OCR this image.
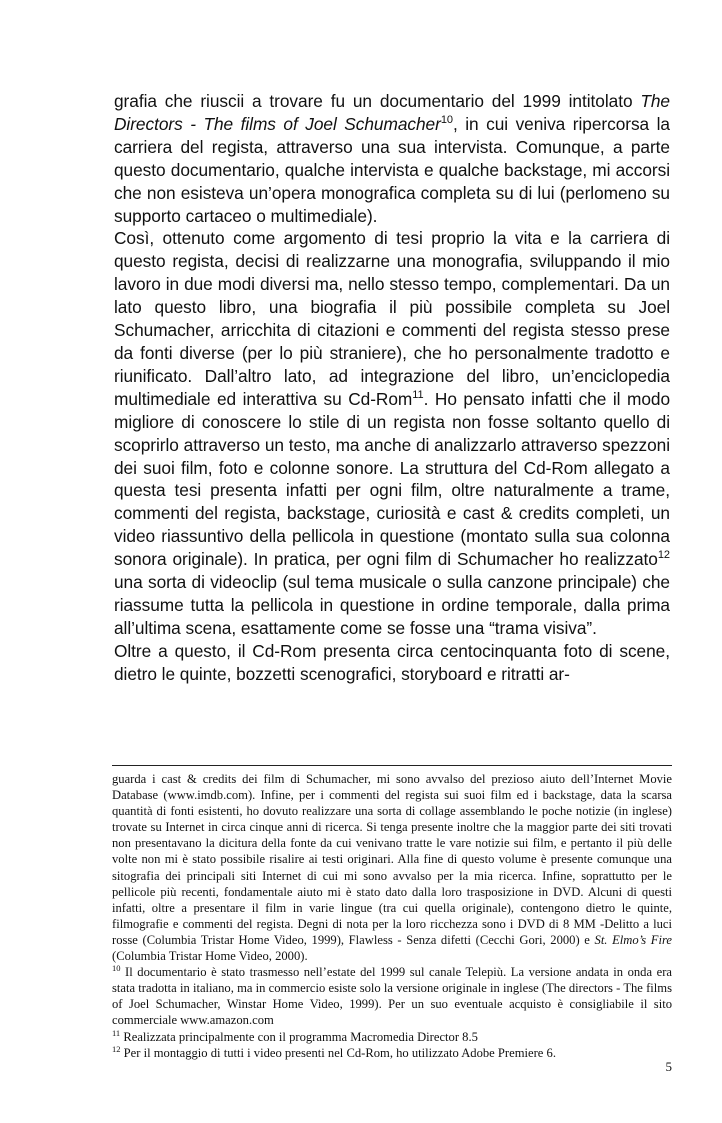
grafia che riuscii a trovare fu un documentario del 1999 intitolato The Directors - The films of Joel Schumacher$^{10}$, in cui veniva ripercorsa la carriera del regista, attraverso una sua intervista. Comunque, a parte questo documentario, qualche intervista e qualche backstage, mi accorsi che non esisteva un’opera monografica completa su di lui (perlomeno su supporto cartaceo o multimediale).

Così, ottenuto come argomento di tesi proprio la vita e la carriera di questo regista, decisi di realizzarne una monografia, sviluppando il mio lavoro in due modi diversi ma, nello stesso tempo, complementari. Da un lato questo libro, una biografia il più possibile completa su Joel Schumacher, arricchita di citazioni e commenti del regista stesso prese da fonti diverse (per lo più straniere), che ho personalmente tradotto e riunificato. Dall’altro lato, ad integrazione del libro, un’enciclopedia multimediale ed interattiva su Cd-Rom$^{11}$. Ho pensato infatti che il modo migliore di conoscere lo stile di un regista non fosse soltanto quello di scoprirlo attraverso un testo, ma anche di analizzarlo attraverso spezzoni dei suoi film, foto e colonne sonore. La struttura del Cd-Rom allegato a questa tesi presenta infatti per ogni film, oltre naturalmente a trame, commenti del regista, backstage, curiosità e cast & credits completi, un video riassuntivo della pellicola in questione (montato sulla sua colonna sonora originale). In pratica, per ogni film di Schumacher ho realizzato$^{12}$ una sorta di videoclip (sul tema musicale o sulla canzone principale) che riassume tutta la pellicola in questione in ordine temporale, dalla prima all’ultima scena, esattamente come se fosse una “trama visiva”.

Oltre a questo, il Cd-Rom presenta circa centocinquanta foto di scene, dietro le quinte, bozzetti scenografici, storyboard e ritratti ar-

guarda i cast & credits dei film di Schumacher, mi sono avvalso del prezioso aiuto dell’Internet Movie Database (www.imdb.com). Infine, per i commenti del regista sui suoi film ed i backstage, data la scarsa quantità di fonti esistenti, ho dovuto realizzare una sorta di collage assemblando le poche notizie (in inglese) trovate su Internet in circa cinque anni di ricerca. Si tenga presente inoltre che la maggior parte dei siti trovati non presentavano la dicitura della fonte da cui venivano tratte le vare notizie sui film, e pertanto il più delle volte non mi è stato possibile risalire ai testi originari. Alla fine di questo volume è presente comunque una sitografia dei principali siti Internet di cui mi sono avvalso per la mia ricerca. Infine, soprattutto per le pellicole più recenti, fondamentale aiuto mi è stato dato dalla loro trasposizione in DVD. Alcuni di questi infatti, oltre a presentare il film in varie lingue (tra cui quella originale), contengono dietro le quinte, filmografie e commenti del regista. Degni di nota per la loro ricchezza sono i DVD di 8 MM -Delitto a luci rosse (Columbia Tristar Home Video, 1999), Flawless - Senza difetti (Cecchi Gori, 2000) e St. Elmo’s Fire (Columbia Tristar Home Video, 2000).

$^{10}$ Il documentario è stato trasmesso nell’estate del 1999 sul canale Telepiù. La versione andata in onda era stata tradotta in italiano, ma in commercio esiste solo la versione originale in inglese (The directors - The films of Joel Schumacher, Winstar Home Video, 1999). Per un suo eventuale acquisto è consigliabile il sito commerciale www.amazon.com

$^{11}$ Realizzata principalmente con il programma Macromedia Director 8.5

$^{12}$ Per il montaggio di tutti i video presenti nel Cd-Rom, ho utilizzato Adobe Premiere 6.

5
